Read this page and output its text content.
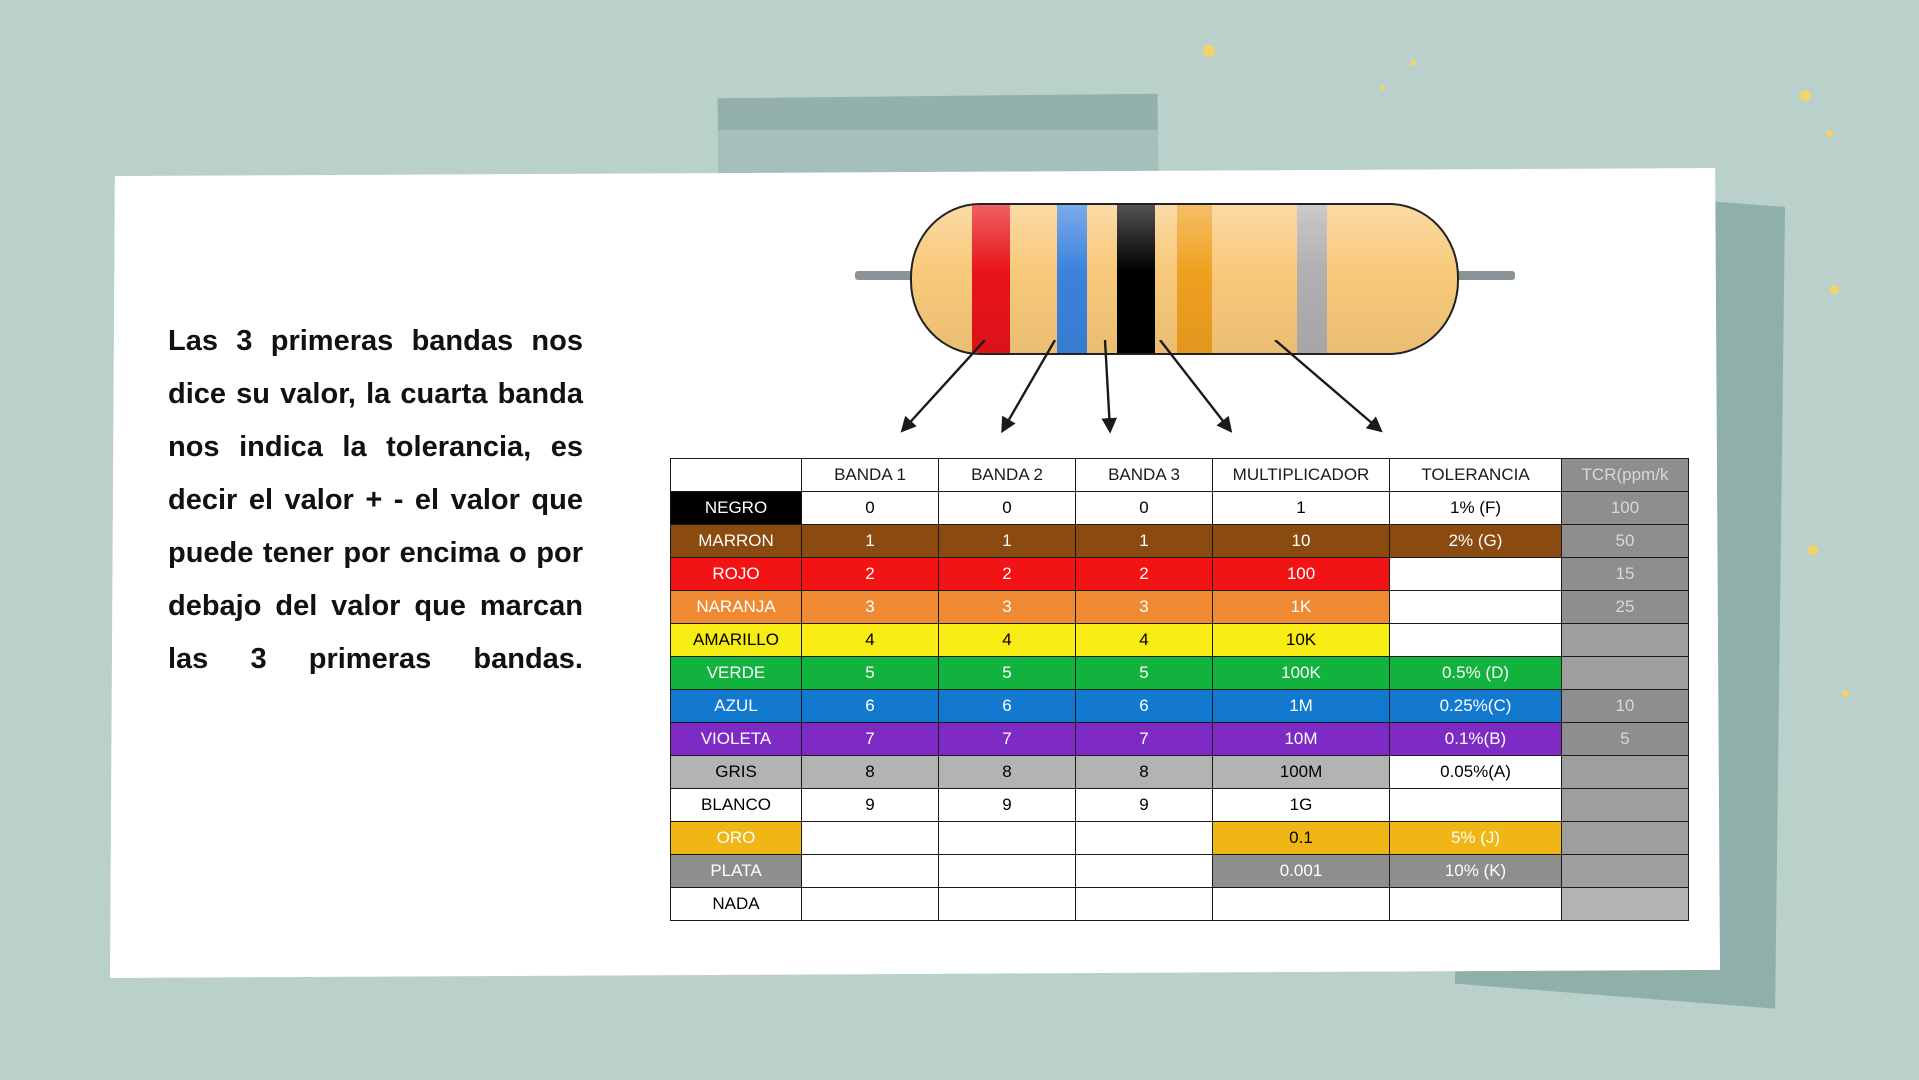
Las 3 primeras bandas nos dice su valor, la cuarta banda nos indica la tolerancia, es decir el valor + - el valor que puede tener por encima o por debajo del valor que marcan las 3 primeras bandas.
	BANDA 1	BANDA 2	BANDA 3	MULTIPLICADOR	TOLERANCIA	TCR(ppm/k
NEGRO	0	0	0	1	1% (F)	100
MARRON	1	1	1	10	2% (G)	50
ROJO	2	2	2	100		15
NARANJA	3	3	3	1K		25
AMARILLO	4	4	4	10K		
VERDE	5	5	5	100K	0.5% (D)	
AZUL	6	6	6	1M	0.25%(C)	10
VIOLETA	7	7	7	10M	0.1%(B)	5
GRIS	8	8	8	100M	0.05%(A)	
BLANCO	9	9	9	1G		
ORO				0.1	5% (J)	
PLATA				0.001	10% (K)	
NADA						
